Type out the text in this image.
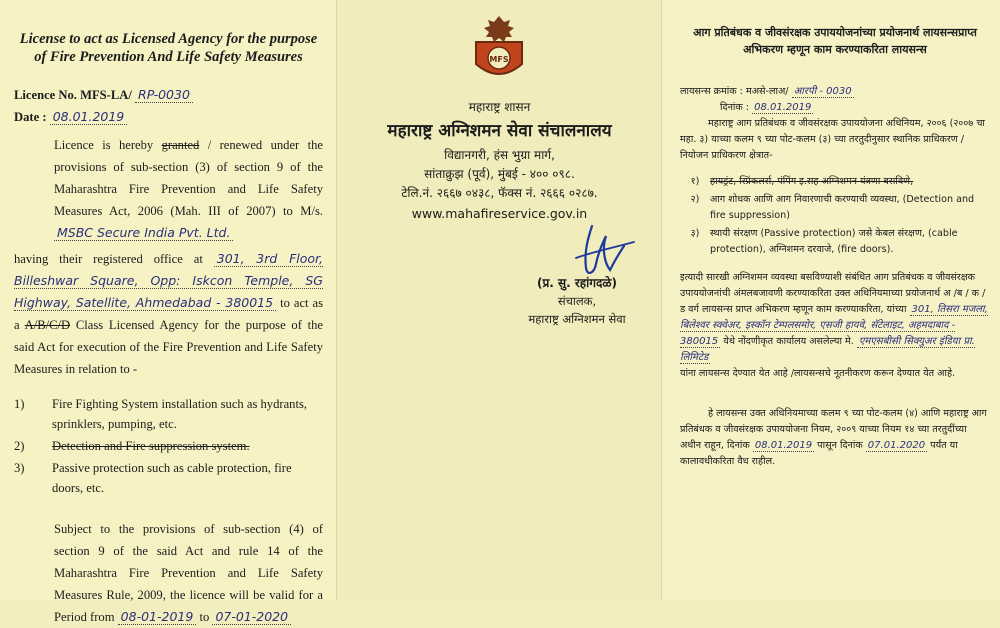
License to act as Licensed Agency for the purpose of Fire Prevention And Life Safety Measures

Licence No. MFS-LA/ RP-0030

Date : 08.01.2019

Licence is hereby granted / renewed under the provisions of sub-section (3) of section 9 of the Maharashtra Fire Prevention and Life Safety Measures Act, 2006 (Mah. III of 2007) to M/s. MSBC Secure India Pvt. Ltd.

having their registered office at 301, 3rd Floor, Billeshwar Square, Opp: Iskcon Temple, SG Highway, Satellite, Ahmedabad - 380015 to act as a A/B/C/D Class Licensed Agency for the purpose of the said Act for execution of the Fire Prevention and Life Safety Measures in relation to -

1)	Fire Fighting System installation such as hydrants, sprinklers, pumping, etc.
2)	Detection and Fire suppression system.
3)	Passive protection such as cable protection, fire doors, etc.

Subject to the provisions of sub-section (4) of section 9 of the said Act and rule 14 of the Maharashtra Fire Prevention and Life Safety Measures Rule, 2009, the licence will be valid for a Period from 08-01-2019 to 07-01-2020

MFS
महाराष्ट्र शासन
महाराष्ट्र अग्निशमन सेवा संचालनालय
विद्यानगरी, हंस भुग्रा मार्ग,
सांताक्रुझ (पूर्व), मुंबई - ४०० ०९८.
टेलि.नं. २६६७ ०४३८, फॅक्स नं. २६६६ ०२८७.
www.mahafireservice.gov.in
(प्र. सु. रहांगदळे)
संचालक,
महाराष्ट्र अग्निशमन सेवा

आग प्रतिबंधक व जीवसंरक्षक उपाययोजनांच्या प्रयोजनार्थ लायसन्सप्राप्त अभिकरण म्हणून काम करण्याकरिता लायसन्स

लायसन्स क्रमांक : मअसे-लाअ/ आरपी - 0030

दिनांक : 08.01.2019

महाराष्ट्र आग प्रतिबंधक व जीवसंरक्षक उपाययोजना अधिनियम, २००६ (२००७ चा महा. ३) याच्या कलम ९ च्या पोट-कलम (३) च्या तरतुदीनुसार स्थानिक प्राधिकरण / नियोजन प्राधिकरण क्षेत्रात-

१)	हायड्रंट, स्प्रिंकलर्स, पंपिंग इ.सह अग्निशमन यंत्रणा बसविणे,
२)	आग शोधक आणि आग निवारणाची करण्याची व्यवस्था, (Detection and fire suppression)
३)	स्थायी संरक्षण (Passive protection) जसे केबल संरक्षण, (cable protection), अग्निशमन दरवाजे, (fire doors).

इत्यादी सारखी अग्निशमन व्यवस्था बसविण्याशी संबंधित आग प्रतिबंधक व जीवसंरक्षक उपाययोजनांची अंमलबजावणी करण्याकरिता उक्त अधिनियमाच्या प्रयोजनार्थ अ /ब / क / ड वर्ग लायसन्स प्राप्त अभिकरण म्हणून काम करण्याकरिता, यांच्या 301, तिसरा मजला, बिलेश्वर स्क्वेअर, इस्कॉन टेम्पलसमोर, एसजी हायवे, सॅटेलाइट, अहमदाबाद - 380015 येथे नोंदणीकृत कार्यालय असलेल्या मे. एमएसबीसी सिक्युअर इंडिया प्रा. लिमिटेड

यांना लायसन्स देण्यात येत आहे /लायसन्सचे नूतनीकरण करून देण्यात येत आहे.

हे लायसन्स उक्त अधिनियमाच्या कलम ९ च्या पोट-कलम (४) आणि महाराष्ट्र आग प्रतिबंधक व जीवसंरक्षक उपाययोजना नियम, २००९ याच्या नियम १४ च्या तरतुदींच्या अधीन राहून, दिनांक 08.01.2019 पासून दिनांक 07.01.2020 पर्यंत या कालावधीकरिता वैध राहील.
